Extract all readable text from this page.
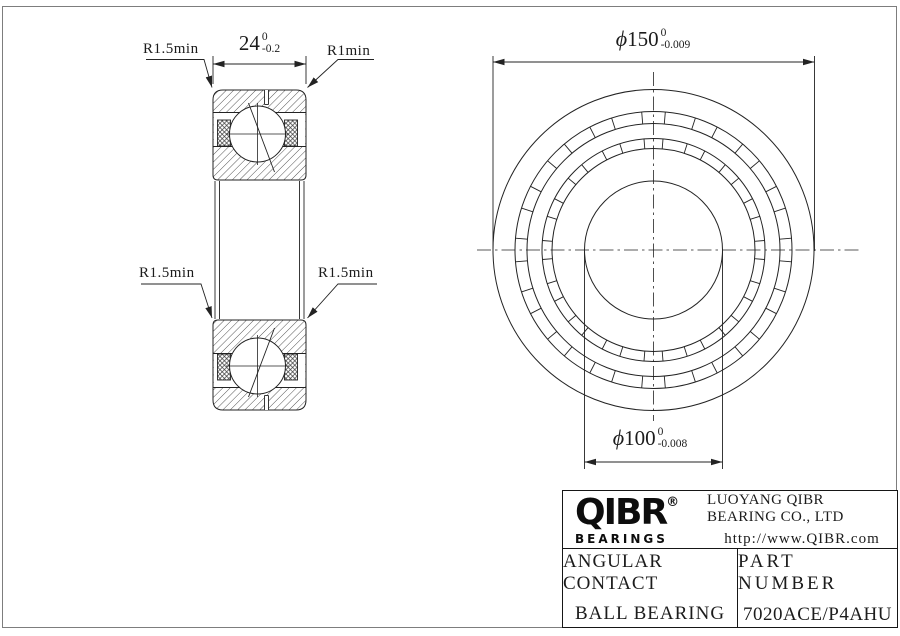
R1.5min	R1min
R1.5min	R1.5min
24 0
-0.2	ϕ 150 0
-0.009
ϕ 100 0
-0.008
QIBR®
BEARINGS
LUOYANG QIBR BEARING CO., LTD
http://www.QIBR.com
ANGULAR CONTACT
BALL BEARING
PART NUMBER
7020ACE/P4AHU
